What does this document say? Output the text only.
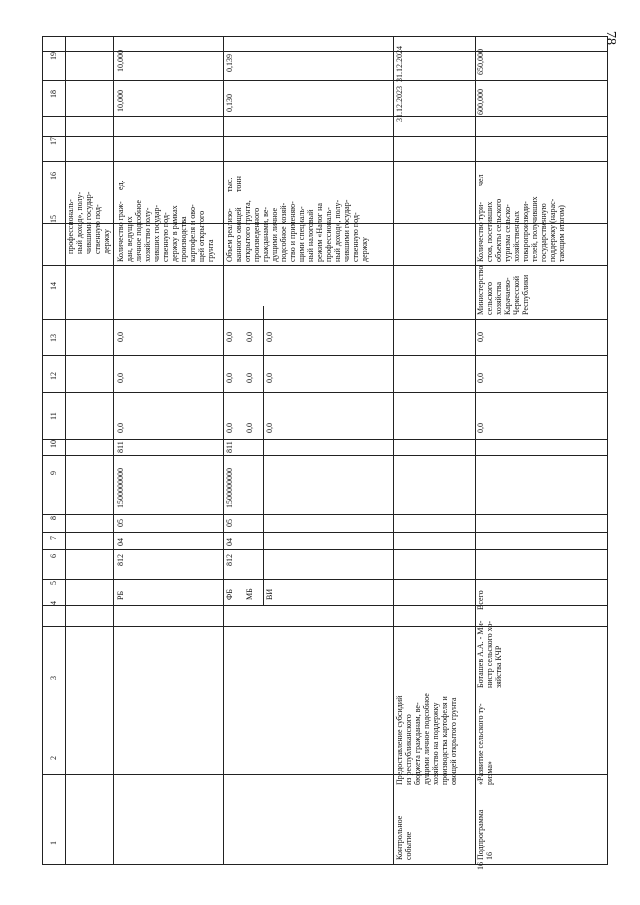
78
1
2
3
4
5
6
7
8
9
10
11
12
13
14
15
16
17
18
19
профессиональ-
ный доход», полу-
чившими государ-
ственную под-
держку
РБ
812
04
05
1500000000
811
0,0
0,0
0,0
Количество граж-
дан, ведущих
личное подсобное
хозяйство полу-
чивших государ-
ственную под-
держку в рамках
производства
картофеля и ово-
щей открытого
грунта
ед.
10,000
10,000
ФБ МБ ВИ
812
04
05
1500000000
811
0,0 0,0 0,0
0,0 0,0 0,0
0,0 0,0 0,0
Объем реализо-
ванного овощей
открытого грунта,
произведенного
гражданами, ве-
дущими личное
подсобное хозяй-
ство и применяю-
щими специаль-
ный налоговый
режим «Налог на
профессиональ-
ный доход», полу-
чившими государ-
ственную под-
держку
тыс.
тонн
0,130
0,139
Контрольное
событие
Предоставление субсидий
из республиканского
бюджета гражданам, ве-
дущими личное подсобное
хозяйство на поддержку
производства картофеля и
овощей открытого грунта
31.12.2023
31.12.2024
16
Подпрограмма
16
«Развитие сельского ту-
ризма»
Боташев А.А. - Ми-
нистр сельского хо-
зяйства КЧР
Всего
0,0
0,0
0,0
Министерство
сельского
хозяйства
Карачаево-
Черкесской
Республики
Количество тури-
стов, посетивших
объекты сельского
туризма сельско-
хозяйственных
товаропроизводи-
телей, получивших
государственную
поддержку (нарас-
тающим итогом)
чел
600,000
650,000
